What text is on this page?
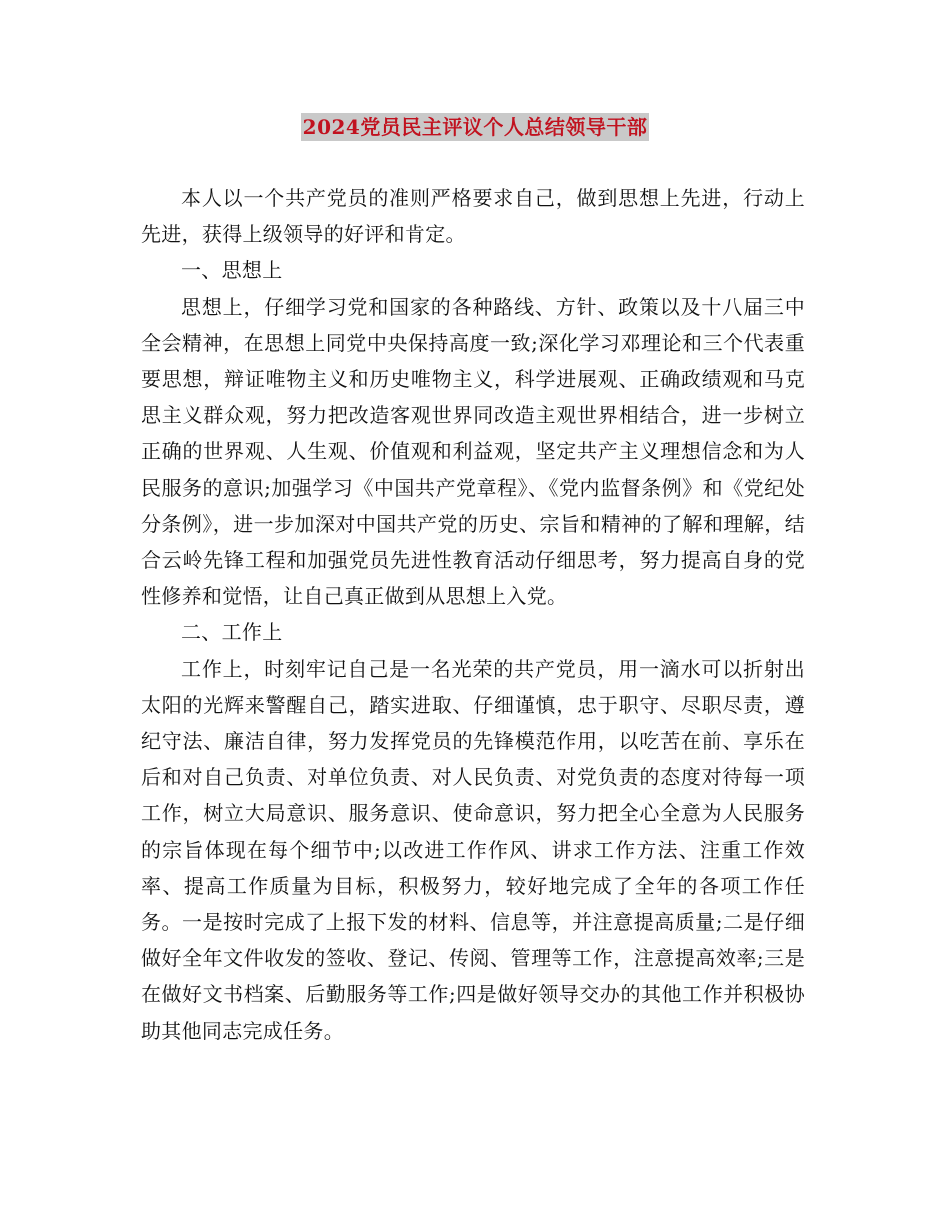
2024党员民主评议个人总结领导干部

本人以一个共产党员的准则严格要求自己，做到思想上先进，行动上先进，获得上级领导的好评和肯定。

一、思想上

思想上，仔细学习党和国家的各种路线、方针、政策以及十八届三中全会精神，在思想上同党中央保持高度一致;深化学习邓理论和三个代表重要思想，辩证唯物主义和历史唯物主义，科学进展观、正确政绩观和马克思主义群众观，努力把改造客观世界同改造主观世界相结合，进一步树立正确的世界观、人生观、价值观和利益观，坚定共产主义理想信念和为人民服务的意识;加强学习《中国共产党章程》、《党内监督条例》和《党纪处分条例》，进一步加深对中国共产党的历史、宗旨和精神的了解和理解，结合云岭先锋工程和加强党员先进性教育活动仔细思考，努力提高自身的党性修养和觉悟，让自己真正做到从思想上入党。

二、工作上

工作上，时刻牢记自己是一名光荣的共产党员，用一滴水可以折射出太阳的光辉来警醒自己，踏实进取、仔细谨慎，忠于职守、尽职尽责，遵纪守法、廉洁自律，努力发挥党员的先锋模范作用，以吃苦在前、享乐在后和对自己负责、对单位负责、对人民负责、对党负责的态度对待每一项工作，树立大局意识、服务意识、使命意识，努力把全心全意为人民服务的宗旨体现在每个细节中;以改进工作作风、讲求工作方法、注重工作效率、提高工作质量为目标，积极努力，较好地完成了全年的各项工作任务。一是按时完成了上报下发的材料、信息等，并注意提高质量;二是仔细做好全年文件收发的签收、登记、传阅、管理等工作，注意提高效率;三是在做好文书档案、后勤服务等工作;四是做好领导交办的其他工作并积极协助其他同志完成任务。
